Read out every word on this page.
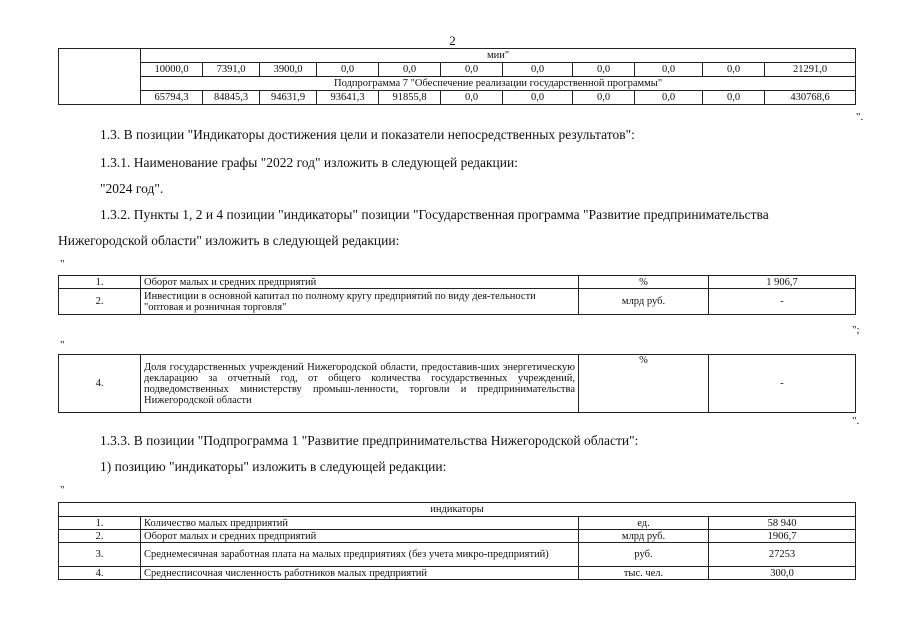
2
	мии"										
	10000,0	7391,0	3900,0	0,0	0,0	0,0	0,0	0,0	0,0	0,0	21291,0
	Подпрограмма 7 "Обеспечение реализации государственной программы"										
	65794,3	84845,3	94631,9	93641,3	91855,8	0,0	0,0	0,0	0,0	0,0	430768,6
".
1.3. В позиции "Индикаторы достижения цели и показатели непосредственных результатов":
1.3.1. Наименование графы "2022 год" изложить в следующей редакции:
"2024 год".
1.3.2. Пункты 1, 2 и 4 позиции "индикаторы" позиции "Государственная программа "Развитие предпринимательства
Нижегородской области" изложить в следующей редакции:
"
1.	Оборот малых и средних предприятий	%	1 906,7
2.	Инвестиции в основной капитал по полному кругу предприятий по виду дея-тельности "оптовая и розничная торговля"	млрд руб.	-
";
"
4.	Доля государственных учреждений Нижегородской области, предоставив-ших энергетическую декларацию за отчетный год, от общего количества государственных учреждений, подведомственных министерству промыш-ленности, торговли и предпринимательства Нижегородской области	%	-
".
1.3.3. В позиции "Подпрограмма 1 "Развитие предпринимательства Нижегородской области":
1) позицию "индикаторы" изложить в следующей редакции:
"
индикаторы			
1.	Количество малых предприятий	ед.	58 940
2.	Оборот малых и средних предприятий	млрд руб.	1906,7
3.	Среднемесячная заработная плата на малых предприятиях (без учета микро-предприятий)	руб.	27253
4.	Среднесписочная численность работников малых предприятий	тыс. чел.	300,0
